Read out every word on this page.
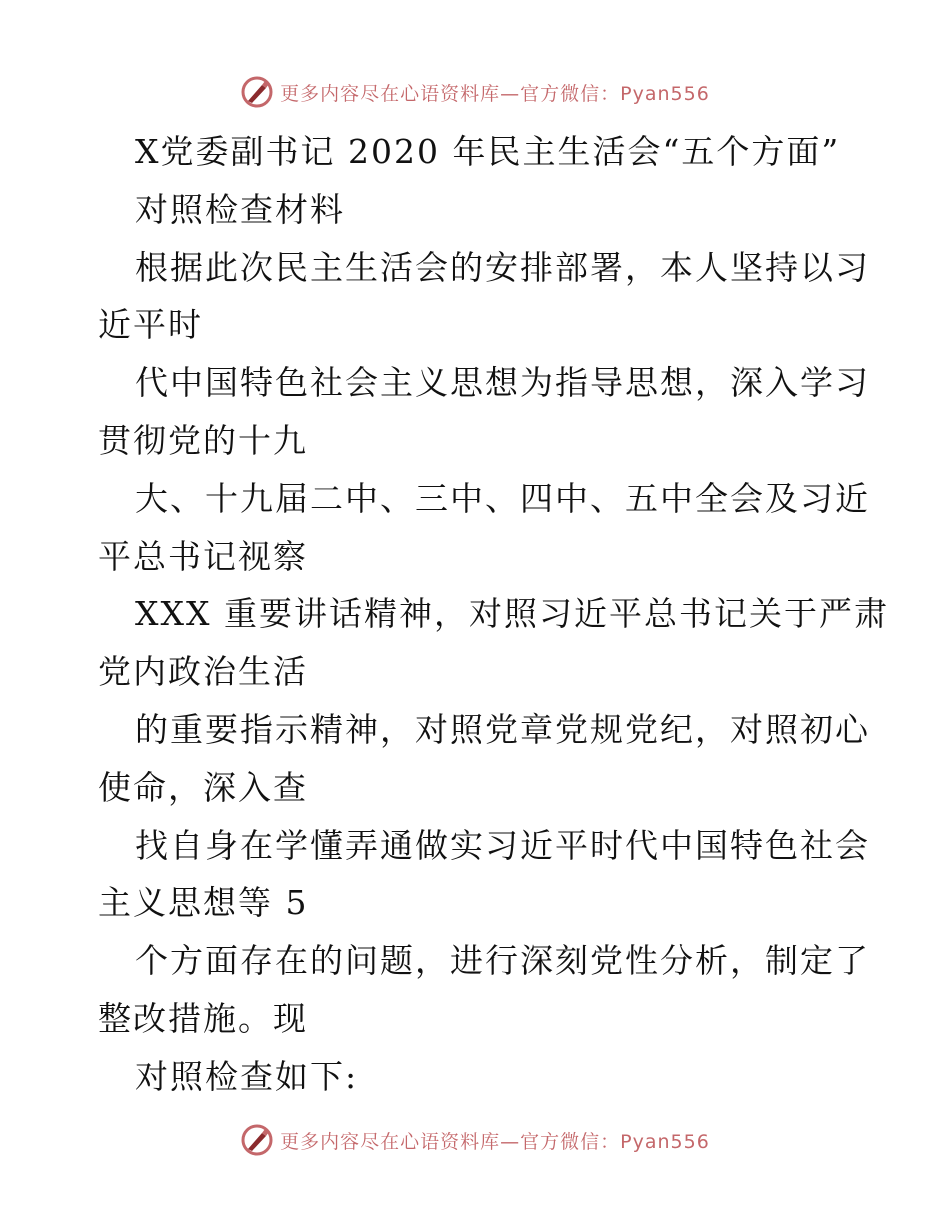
更多内容尽在心语资料库—官方微信：Pyan556
X党委副书记 2020 年民主生活会“五个方面”
对照检查材料
根据此次民主生活会的安排部署，本人坚持以习
近平时
代中国特色社会主义思想为指导思想，深入学习
贯彻党的十九
大、十九届二中、三中、四中、五中全会及习近
平总书记视察
XXX 重要讲话精神，对照习近平总书记关于严肃
党内政治生活
的重要指示精神，对照党章党规党纪，对照初心
使命，深入查
找自身在学懂弄通做实习近平时代中国特色社会
主义思想等 5
个方面存在的问题，进行深刻党性分析，制定了
整改措施。现
对照检查如下:
更多内容尽在心语资料库—官方微信：Pyan556
